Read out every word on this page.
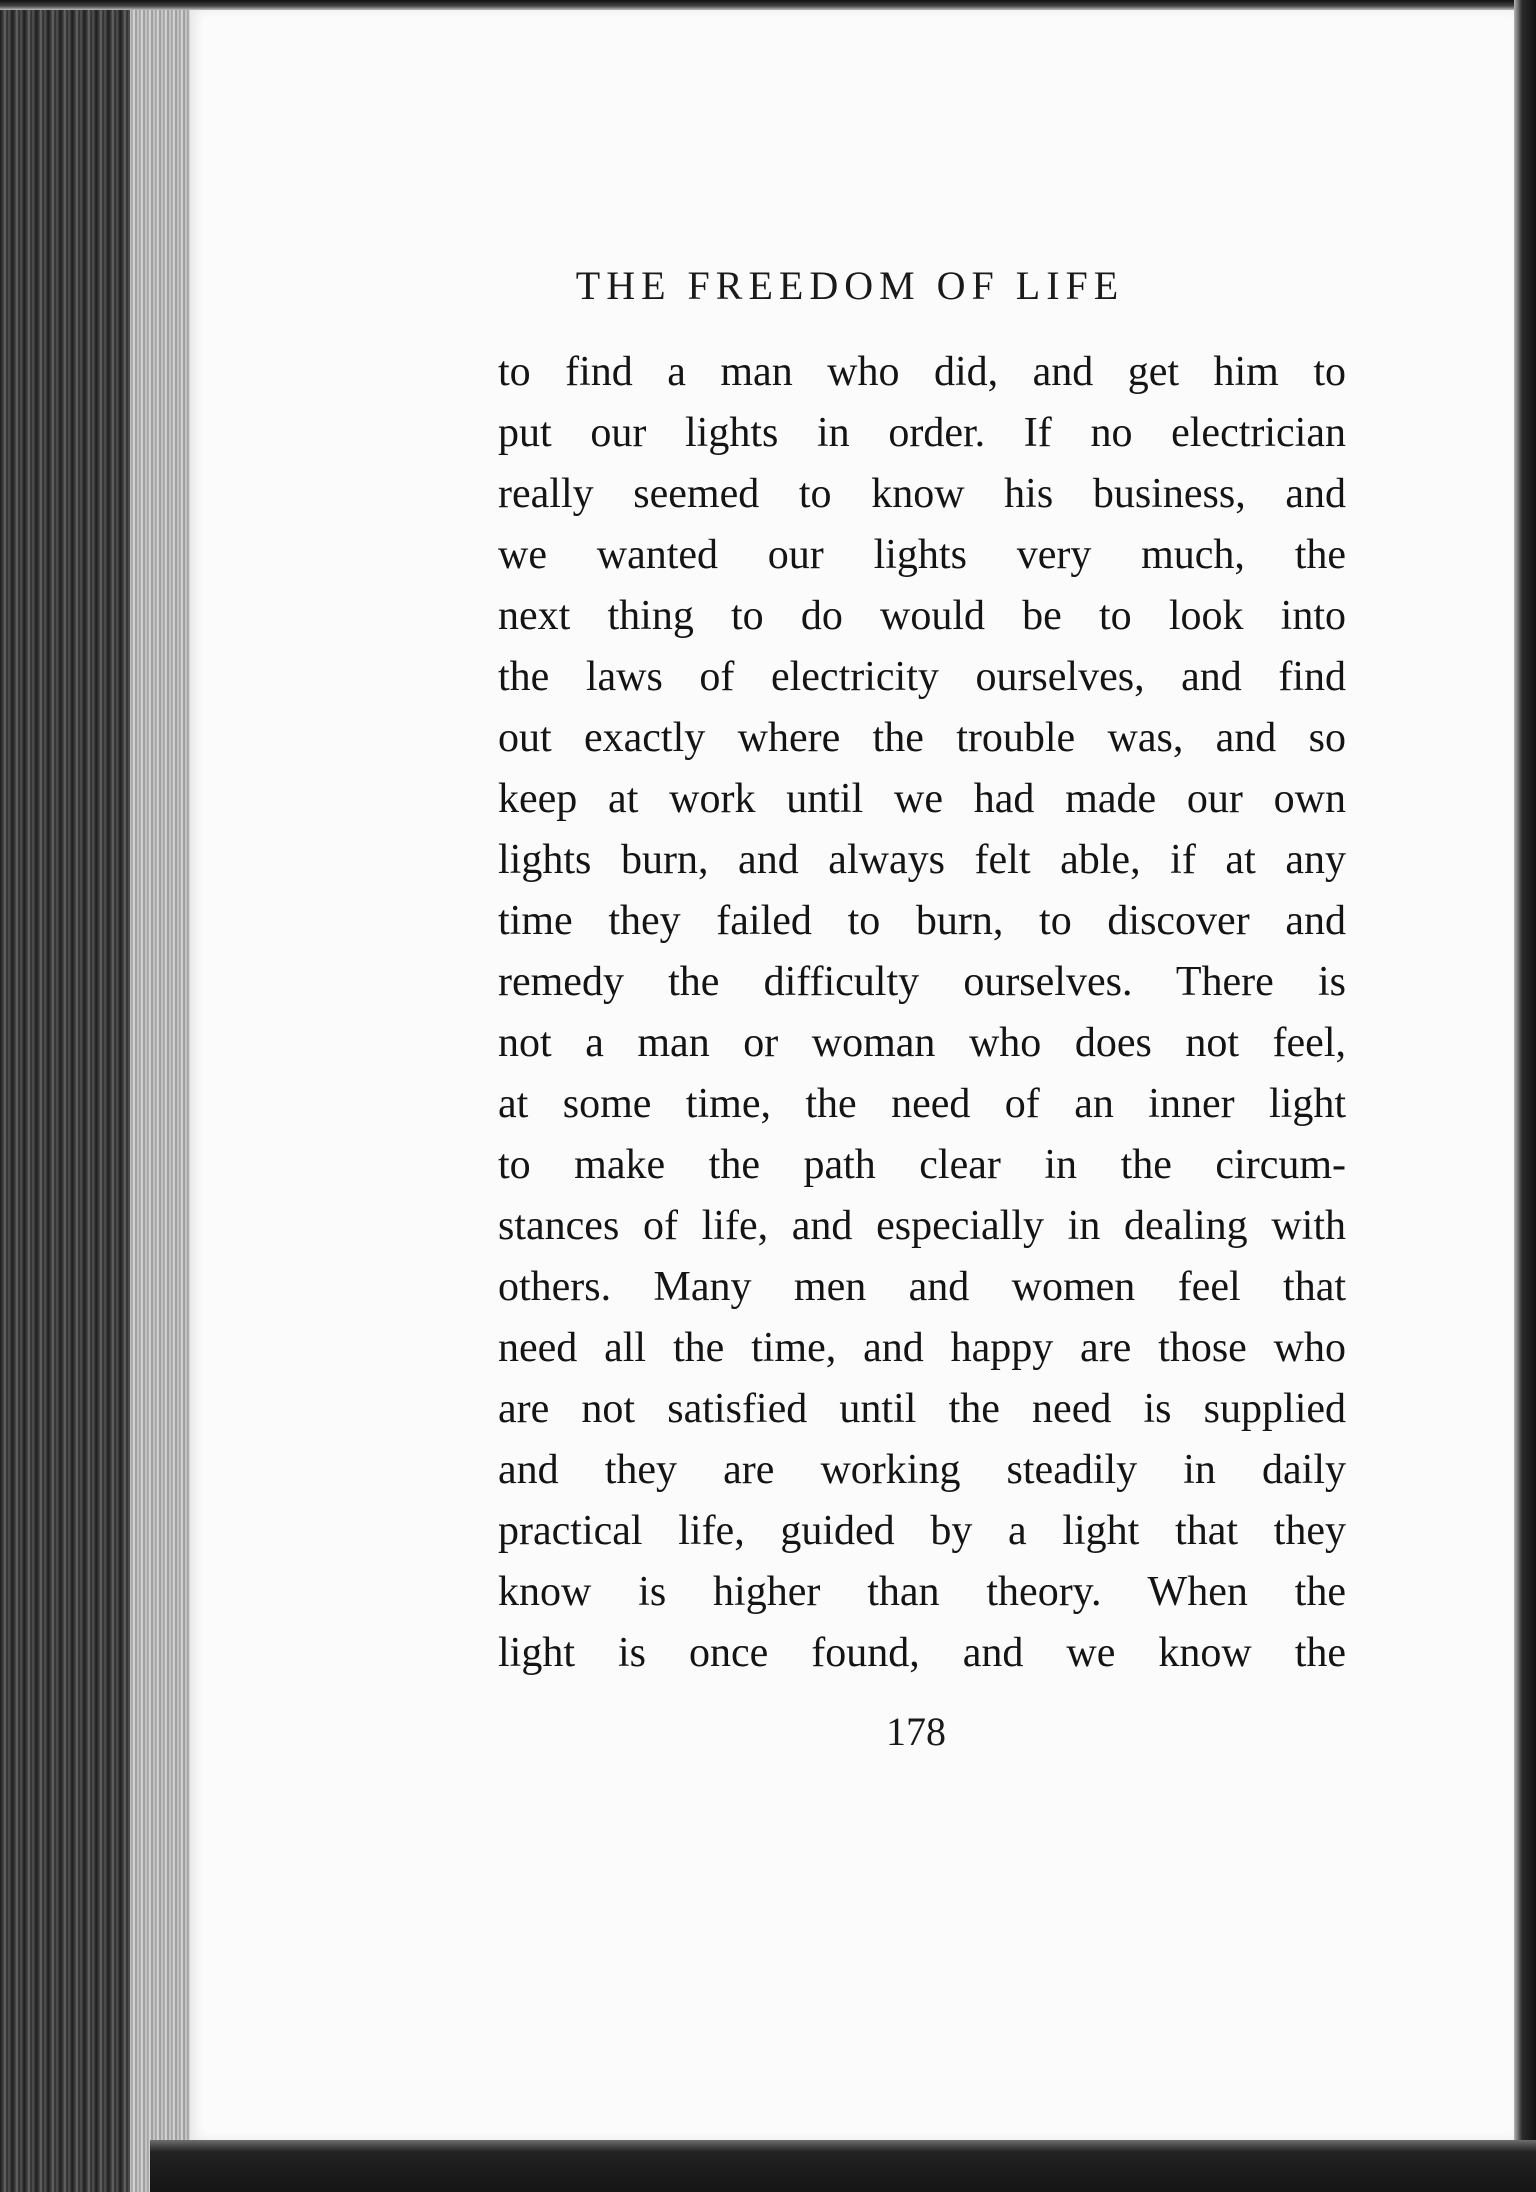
THE FREEDOM OF LIFE
to find a man who did, and get him to
put our lights in order. If no electrician
really seemed to know his business, and
we wanted our lights very much, the
next thing to do would be to look into
the laws of electricity ourselves, and find
out exactly where the trouble was, and so
keep at work until we had made our own
lights burn, and always felt able, if at any
time they failed to burn, to discover and
remedy the difficulty ourselves. There is
not a man or woman who does not feel,
at some time, the need of an inner light
to make the path clear in the circum-
stances of life, and especially in dealing with
others. Many men and women feel that
need all the time, and happy are those who
are not satisfied until the need is supplied
and they are working steadily in daily
practical life, guided by a light that they
know is higher than theory. When the
light is once found, and we know the
178
